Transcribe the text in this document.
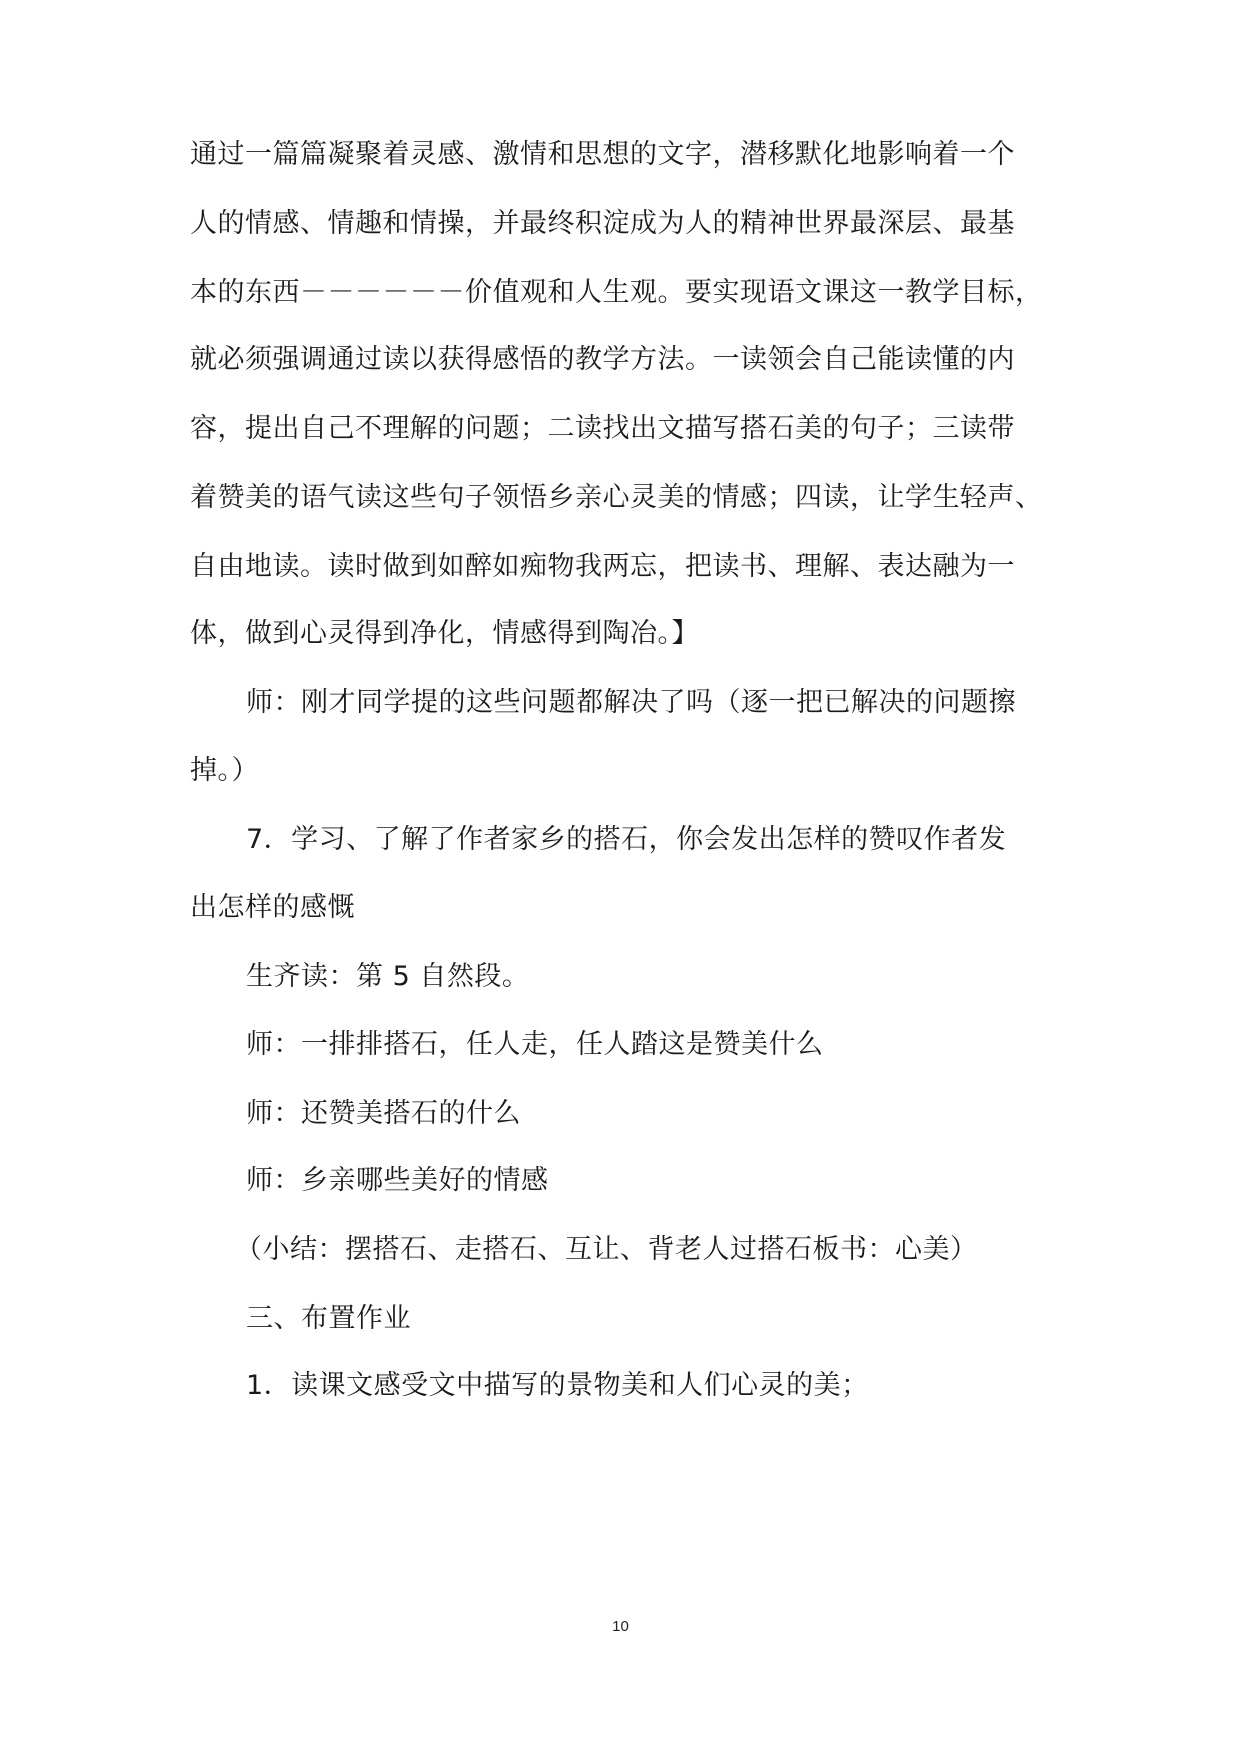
通过一篇篇凝聚着灵感、激情和思想的文字，潜移默化地影响着一个
人的情感、情趣和情操，并最终积淀成为人的精神世界最深层、最基
本的东西－－－－－－价值观和人生观。要实现语文课这一教学目标，
就必须强调通过读以获得感悟的教学方法。一读领会自己能读懂的内
容，提出自己不理解的问题；二读找出文描写搭石美的句子；三读带
着赞美的语气读这些句子领悟乡亲心灵美的情感；四读，让学生轻声、
自由地读。读时做到如醉如痴物我两忘，把读书、理解、表达融为一
体，做到心灵得到净化，情感得到陶冶。】
师：刚才同学提的这些问题都解决了吗（逐一把已解决的问题擦
掉。）
7．学习、了解了作者家乡的搭石，你会发出怎样的赞叹作者发
出怎样的感慨
生齐读：第 5 自然段。
师：一排排搭石，任人走，任人踏这是赞美什么
师：还赞美搭石的什么
师：乡亲哪些美好的情感
（小结：摆搭石、走搭石、互让、背老人过搭石板书：心美）
三、布置作业
1．读课文感受文中描写的景物美和人们心灵的美；
10
